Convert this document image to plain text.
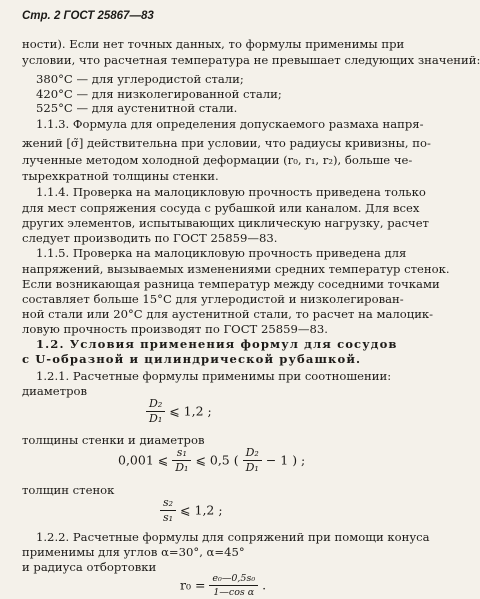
Стр. 2 ГОСТ 25867—83
ности). Если нет точных данных, то формулы применимы при
условии, что расчетная температура не превышает следующих значений:
380°С — для углеродистой стали;
420°С — для низколегированной стали;
525°С — для аустенитной стали.
1.1.3. Формула для определения допускаемого размаха напря-
жений [σ̃] действительна при условии, что радиусы кривизны, по-
лученные методом холодной деформации (r₀, r₁, r₂), больше че-
тырехкратной толщины стенки.
1.1.4. Проверка на малоцикловую прочность приведена только
для мест сопряжения сосуда с рубашкой или каналом. Для всех
других элементов, испытывающих циклическую нагрузку, расчет
следует производить по ГОСТ 25859—83.
1.1.5. Проверка на малоцикловую прочность приведена для
напряжений, вызываемых изменениями средних температур стенок.
Если возникающая разница температур между соседними точками
составляет больше 15°С для углеродистой и низколегирован-
ной стали или 20°С для аустенитной стали, то расчет на малоцик-
ловую прочность производят по ГОСТ 25859—83.
1.2. Условия применения формул для сосудов
с U-образной и цилиндрической рубашкой.
1.2.1. Расчетные формулы применимы при соотношении:
диаметров
$\frac{\text{D₂}}{\text{D₁}}$ ⩽ 1,2 ;
толщины стенки и диаметров
0,001 ⩽ $\frac{\text{s₁}}{\text{D₁}}$ ⩽ 0,5 ( $\frac{\text{D₂}}{\text{D₁}} - 1$ ) ;
толщин стенок
$\frac{\text{s₂}}{\text{s₁}}$ ⩽ 1,2 ;
1.2.2. Расчетные формулы для сопряжений при помощи конуса
применимы для углов α=30°, α=45°
и радиуса отбортовки
$r_0 = \frac{\text{e₀—0,5s₀}}{\text{1—cos α}}$ .
